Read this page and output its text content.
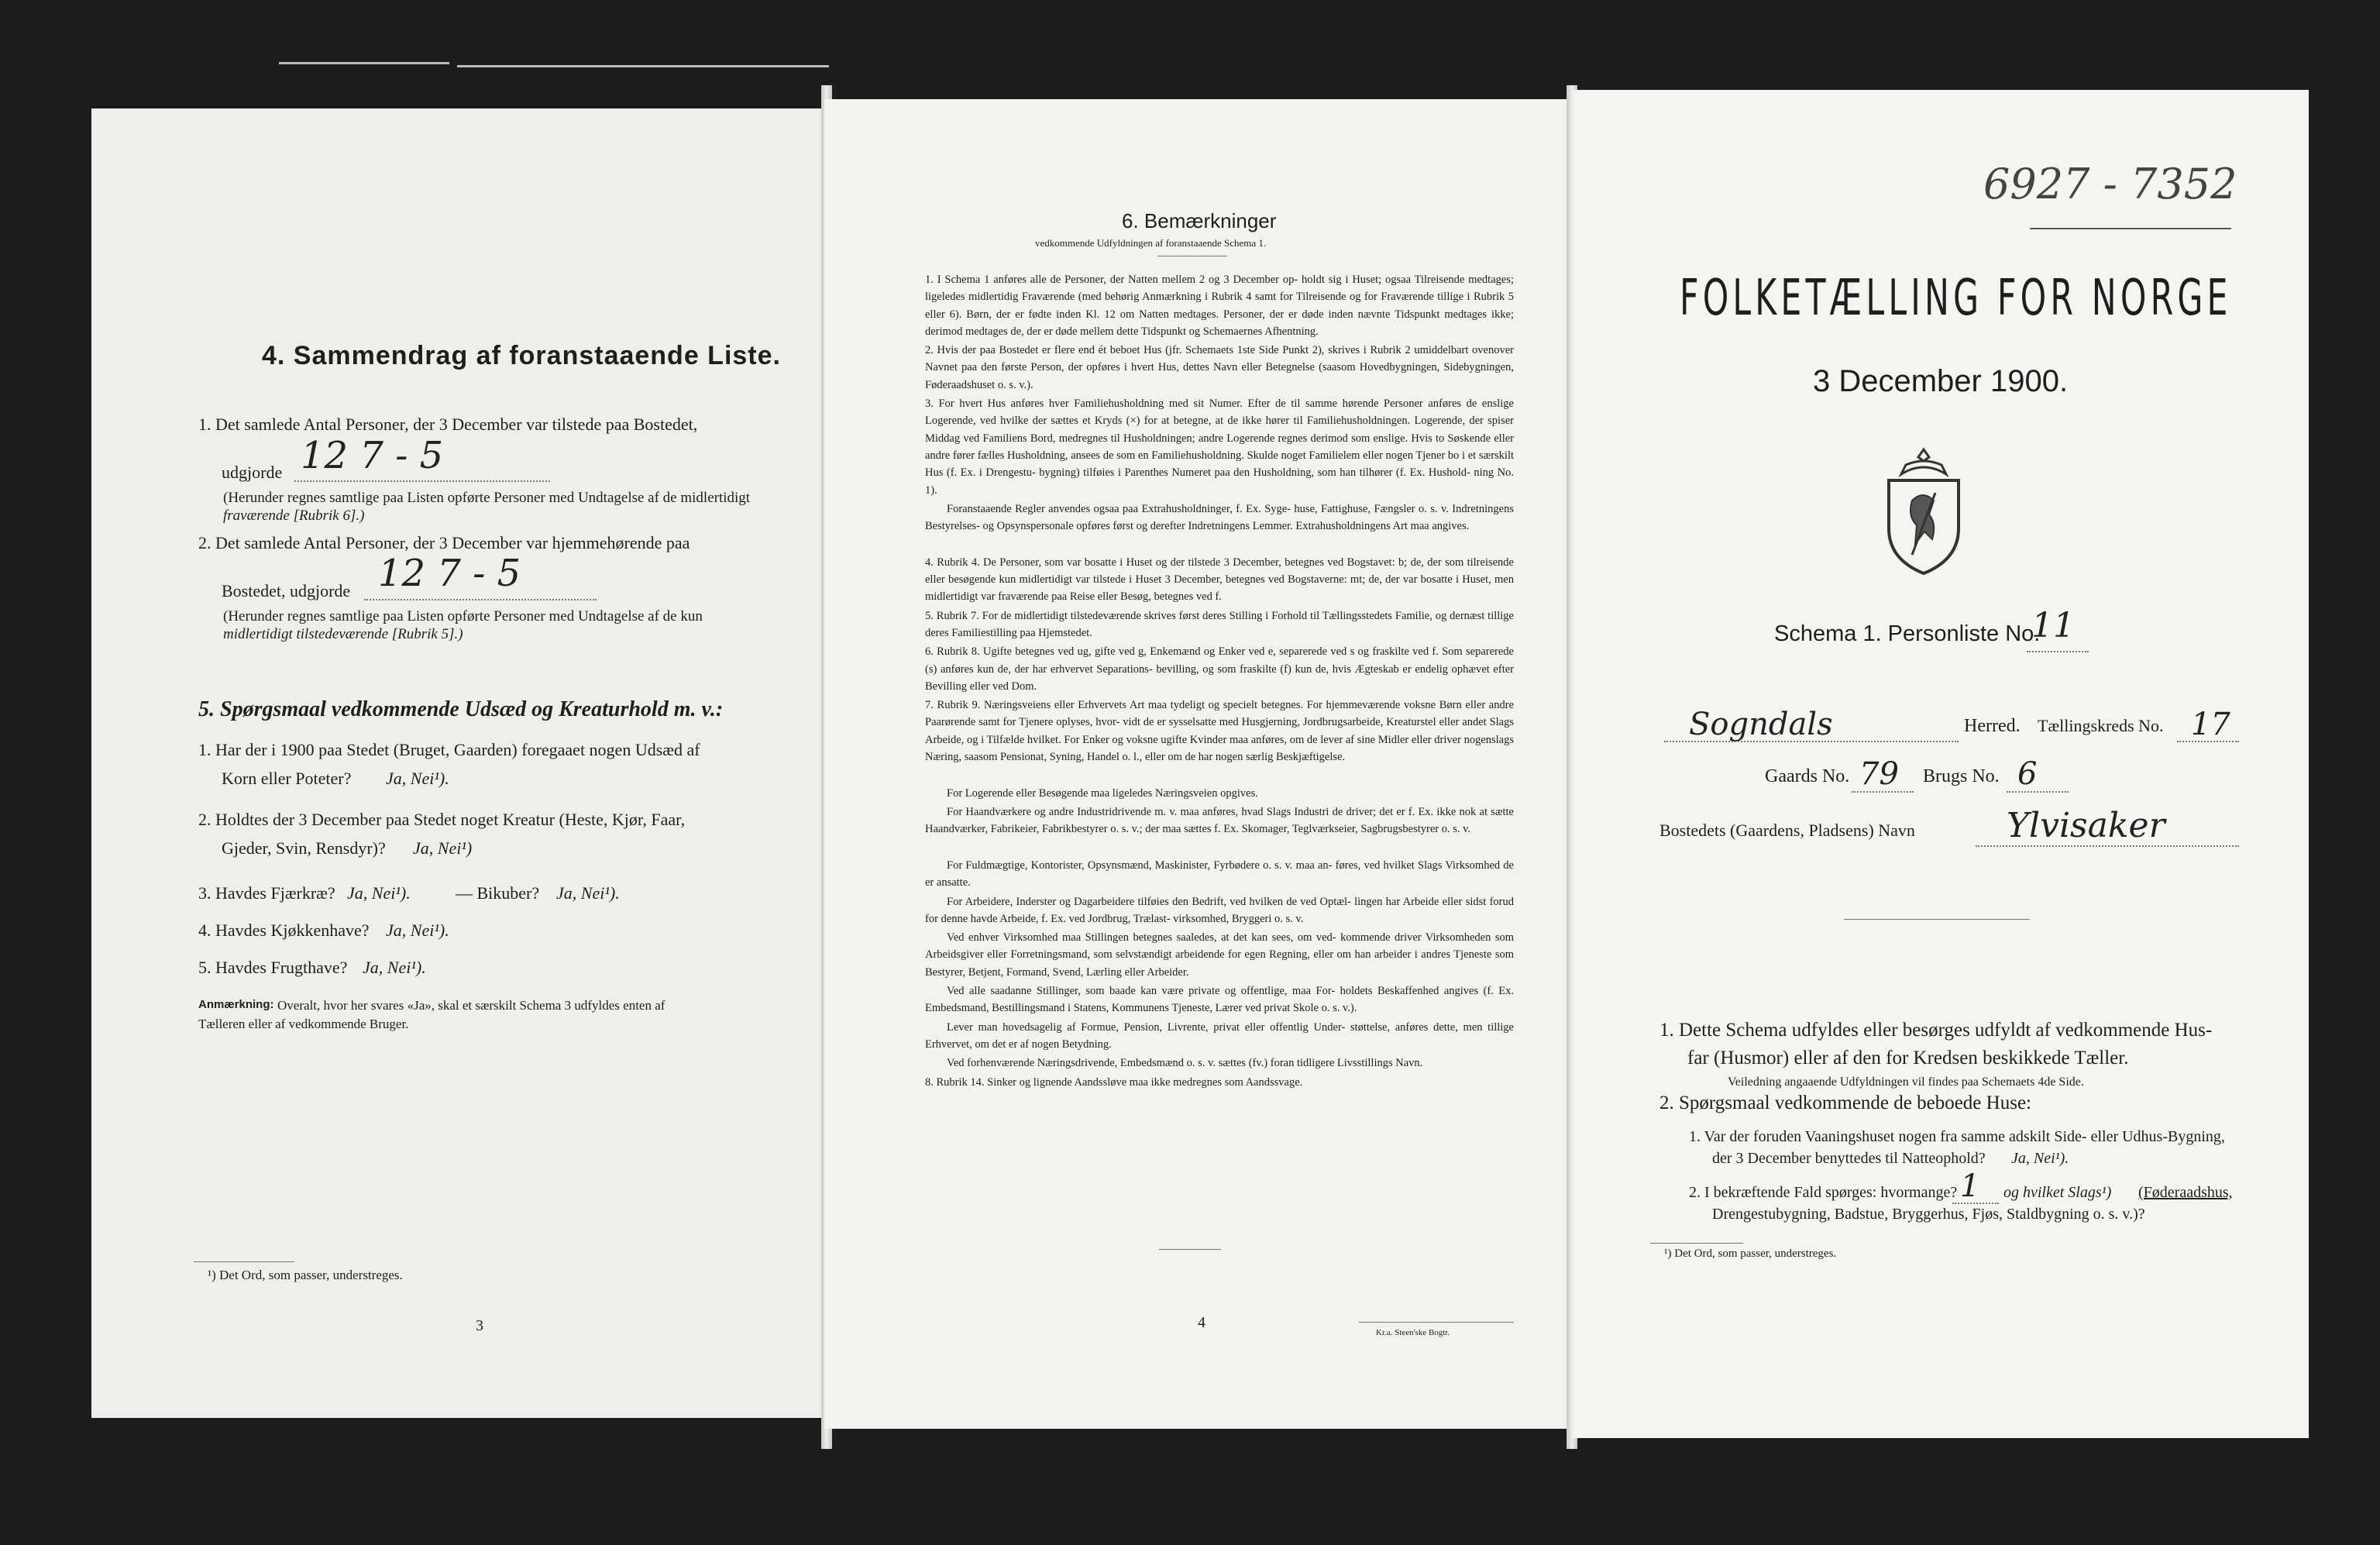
4. Sammendrag af foranstaaende Liste.
1. Det samlede Antal Personer, der 3 December var tilstede paa Bostedet,
udgjorde 12 7 - 5
(Herunder regnes samtlige paa Listen opførte Personer med Undtagelse af de midlertidigt
fraværende [Rubrik 6].)
2. Det samlede Antal Personer, der 3 December var hjemmehørende paa
Bostedet, udgjorde 12 7 - 5
(Herunder regnes samtlige paa Listen opførte Personer med Undtagelse af de kun
midlertidigt tilstedeværende [Rubrik 5].)
5. Spørgsmaal vedkommende Udsæd og Kreaturhold m. v.:
1. Har der i 1900 paa Stedet (Bruget, Gaarden) foregaaet nogen Udsæd af
Korn eller Poteter? Ja, Nei¹).
2. Holdtes der 3 December paa Stedet noget Kreatur (Heste, Kjør, Faar,
Gjeder, Svin, Rensdyr)? Ja, Nei¹)
3. Havdes Fjærkræ? Ja, Nei¹).	— Bikuber? Ja, Nei¹).
4. Havdes Kjøkkenhave? Ja, Nei¹).
5. Havdes Frugthave? Ja, Nei¹).
Anmærkning: Overalt, hvor her svares «Ja», skal et særskilt Schema 3 udfyldes enten af
Tælleren eller af vedkommende Bruger.
¹) Det Ord, som passer, understreges.
3
6. Bemærkninger
vedkommende Udfyldningen af foranstaaende Schema 1.
1. I Schema 1 anføres alle de Personer, der Natten mellem 2 og 3 December op- holdt sig i Huset; ogsaa Tilreisende medtages; ligeledes midlertidig Fraværende (med behørig Anmærkning i Rubrik 4 samt for Tilreisende og for Fraværende tillige i Rubrik 5 eller 6). Børn, der er fødte inden Kl. 12 om Natten medtages. Personer, der er døde inden nævnte Tidspunkt medtages ikke; derimod medtages de, der er døde mellem dette Tidspunkt og Schemaernes Afhentning.
2. Hvis der paa Bostedet er flere end ét beboet Hus (jfr. Schemaets 1ste Side Punkt 2), skrives i Rubrik 2 umiddelbart ovenover Navnet paa den første Person, der opføres i hvert Hus, dettes Navn eller Betegnelse (saasom Hovedbygningen, Sidebygningen, Føderaadshuset o. s. v.).
3. For hvert Hus anføres hver Familiehusholdning med sit Numer. Efter de til samme hørende Personer anføres de enslige Logerende, ved hvilke der sættes et Kryds (×) for at betegne, at de ikke hører til Familiehusholdningen. Logerende, der spiser Middag ved Familiens Bord, medregnes til Husholdningen; andre Logerende regnes derimod som enslige. Hvis to Søskende eller andre fører fælles Husholdning, ansees de som en Familiehusholdning. Skulde noget Familielem eller nogen Tjener bo i et særskilt Hus (f. Ex. i Drengestu- bygning) tilføies i Parenthes Numeret paa den Husholdning, som han tilhører (f. Ex. Hushold- ning No. 1).
Foranstaaende Regler anvendes ogsaa paa Extrahusholdninger, f. Ex. Syge- huse, Fattighuse, Fængsler o. s. v. Indretningens Bestyrelses- og Opsynspersonale opføres først og derefter Indretningens Lemmer. Extrahusholdningens Art maa angives.
4. Rubrik 4. De Personer, som var bosatte i Huset og der tilstede 3 December, betegnes ved Bogstavet: b; de, der som tilreisende eller besøgende kun midlertidigt var tilstede i Huset 3 December, betegnes ved Bogstaverne: mt; de, der var bosatte i Huset, men midlertidigt var fraværende paa Reise eller Besøg, betegnes ved f.
5. Rubrik 7. For de midlertidigt tilstedeværende skrives først deres Stilling i Forhold til Tællingsstedets Familie, og dernæst tillige deres Familiestilling paa Hjemstedet.
6. Rubrik 8. Ugifte betegnes ved ug, gifte ved g, Enkemænd og Enker ved e, separerede ved s og fraskilte ved f. Som separerede (s) anføres kun de, der har erhvervet Separations- bevilling, og som fraskilte (f) kun de, hvis Ægteskab er endelig ophævet efter Bevilling eller ved Dom.
7. Rubrik 9. Næringsveiens eller Erhvervets Art maa tydeligt og specielt betegnes. For hjemmeværende voksne Børn eller andre Paarørende samt for Tjenere oplyses, hvor- vidt de er sysselsatte med Husgjerning, Jordbrugsarbeide, Kreaturstel eller andet Slags Arbeide, og i Tilfælde hvilket. For Enker og voksne ugifte Kvinder maa anføres, om de lever af sine Midler eller driver nogenslags Næring, saasom Pensionat, Syning, Handel o. l., eller om de har nogen særlig Beskjæftigelse.
For Logerende eller Besøgende maa ligeledes Næringsveien opgives.
For Haandværkere og andre Industridrivende m. v. maa anføres, hvad Slags Industri de driver; det er f. Ex. ikke nok at sætte Haandværker, Fabrikeier, Fabrikbestyrer o. s. v.; der maa sættes f. Ex. Skomager, Teglværkseier, Sagbrugsbestyrer o. s. v.
For Fuldmægtige, Kontorister, Opsynsmænd, Maskinister, Fyrbødere o. s. v. maa an- føres, ved hvilket Slags Virksomhed de er ansatte.
For Arbeidere, Inderster og Dagarbeidere tilføies den Bedrift, ved hvilken de ved Optæl- lingen har Arbeide eller sidst forud for denne havde Arbeide, f. Ex. ved Jordbrug, Trælast- virksomhed, Bryggeri o. s. v.
Ved enhver Virksomhed maa Stillingen betegnes saaledes, at det kan sees, om ved- kommende driver Virksomheden som Arbeidsgiver eller Forretningsmand, som selvstændigt arbeidende for egen Regning, eller om han arbeider i andres Tjeneste som Bestyrer, Betjent, Formand, Svend, Lærling eller Arbeider.
Ved alle saadanne Stillinger, som baade kan være private og offentlige, maa For- holdets Beskaffenhed angives (f. Ex. Embedsmand, Bestillingsmand i Statens, Kommunens Tjeneste, Lærer ved privat Skole o. s. v.).
Lever man hovedsagelig af Formue, Pension, Livrente, privat eller offentlig Under- støttelse, anføres dette, men tillige Erhvervet, om det er af nogen Betydning.
Ved forhenværende Næringsdrivende, Embedsmænd o. s. v. sættes (fv.) foran tidligere Livsstillings Navn.
8. Rubrik 14. Sinker og lignende Aandssløve maa ikke medregnes som Aandssvage.
4
Kr.a. Steen'ske Bogtr.
6927 - 7352
FOLKETÆLLING FOR NORGE
3 December 1900.
Schema 1. Personliste No.
11
Sogndals	Herred. Tællingskreds No. 17
Gaards No. 79 Brugs No. 6
Bostedets (Gaardens, Pladsens) Navn	Ylvisaker
1. Dette Schema udfyldes eller besørges udfyldt af vedkommende Hus-
far (Husmor) eller af den for Kredsen beskikkede Tæller.
Veiledning angaaende Udfyldningen vil findes paa Schemaets 4de Side.
2. Spørgsmaal vedkommende de beboede Huse:
1. Var der foruden Vaaningshuset nogen fra samme adskilt Side- eller Udhus-Bygning,
der 3 December benyttedes til Natteophold? Ja, Nei¹).
2. I bekræftende Fald spørges: hvormange? 1 og hvilket Slags¹) (Føderaadshus,
Drengestubygning, Badstue, Bryggerhus, Fjøs, Staldbygning o. s. v.)?
¹) Det Ord, som passer, understreges.
